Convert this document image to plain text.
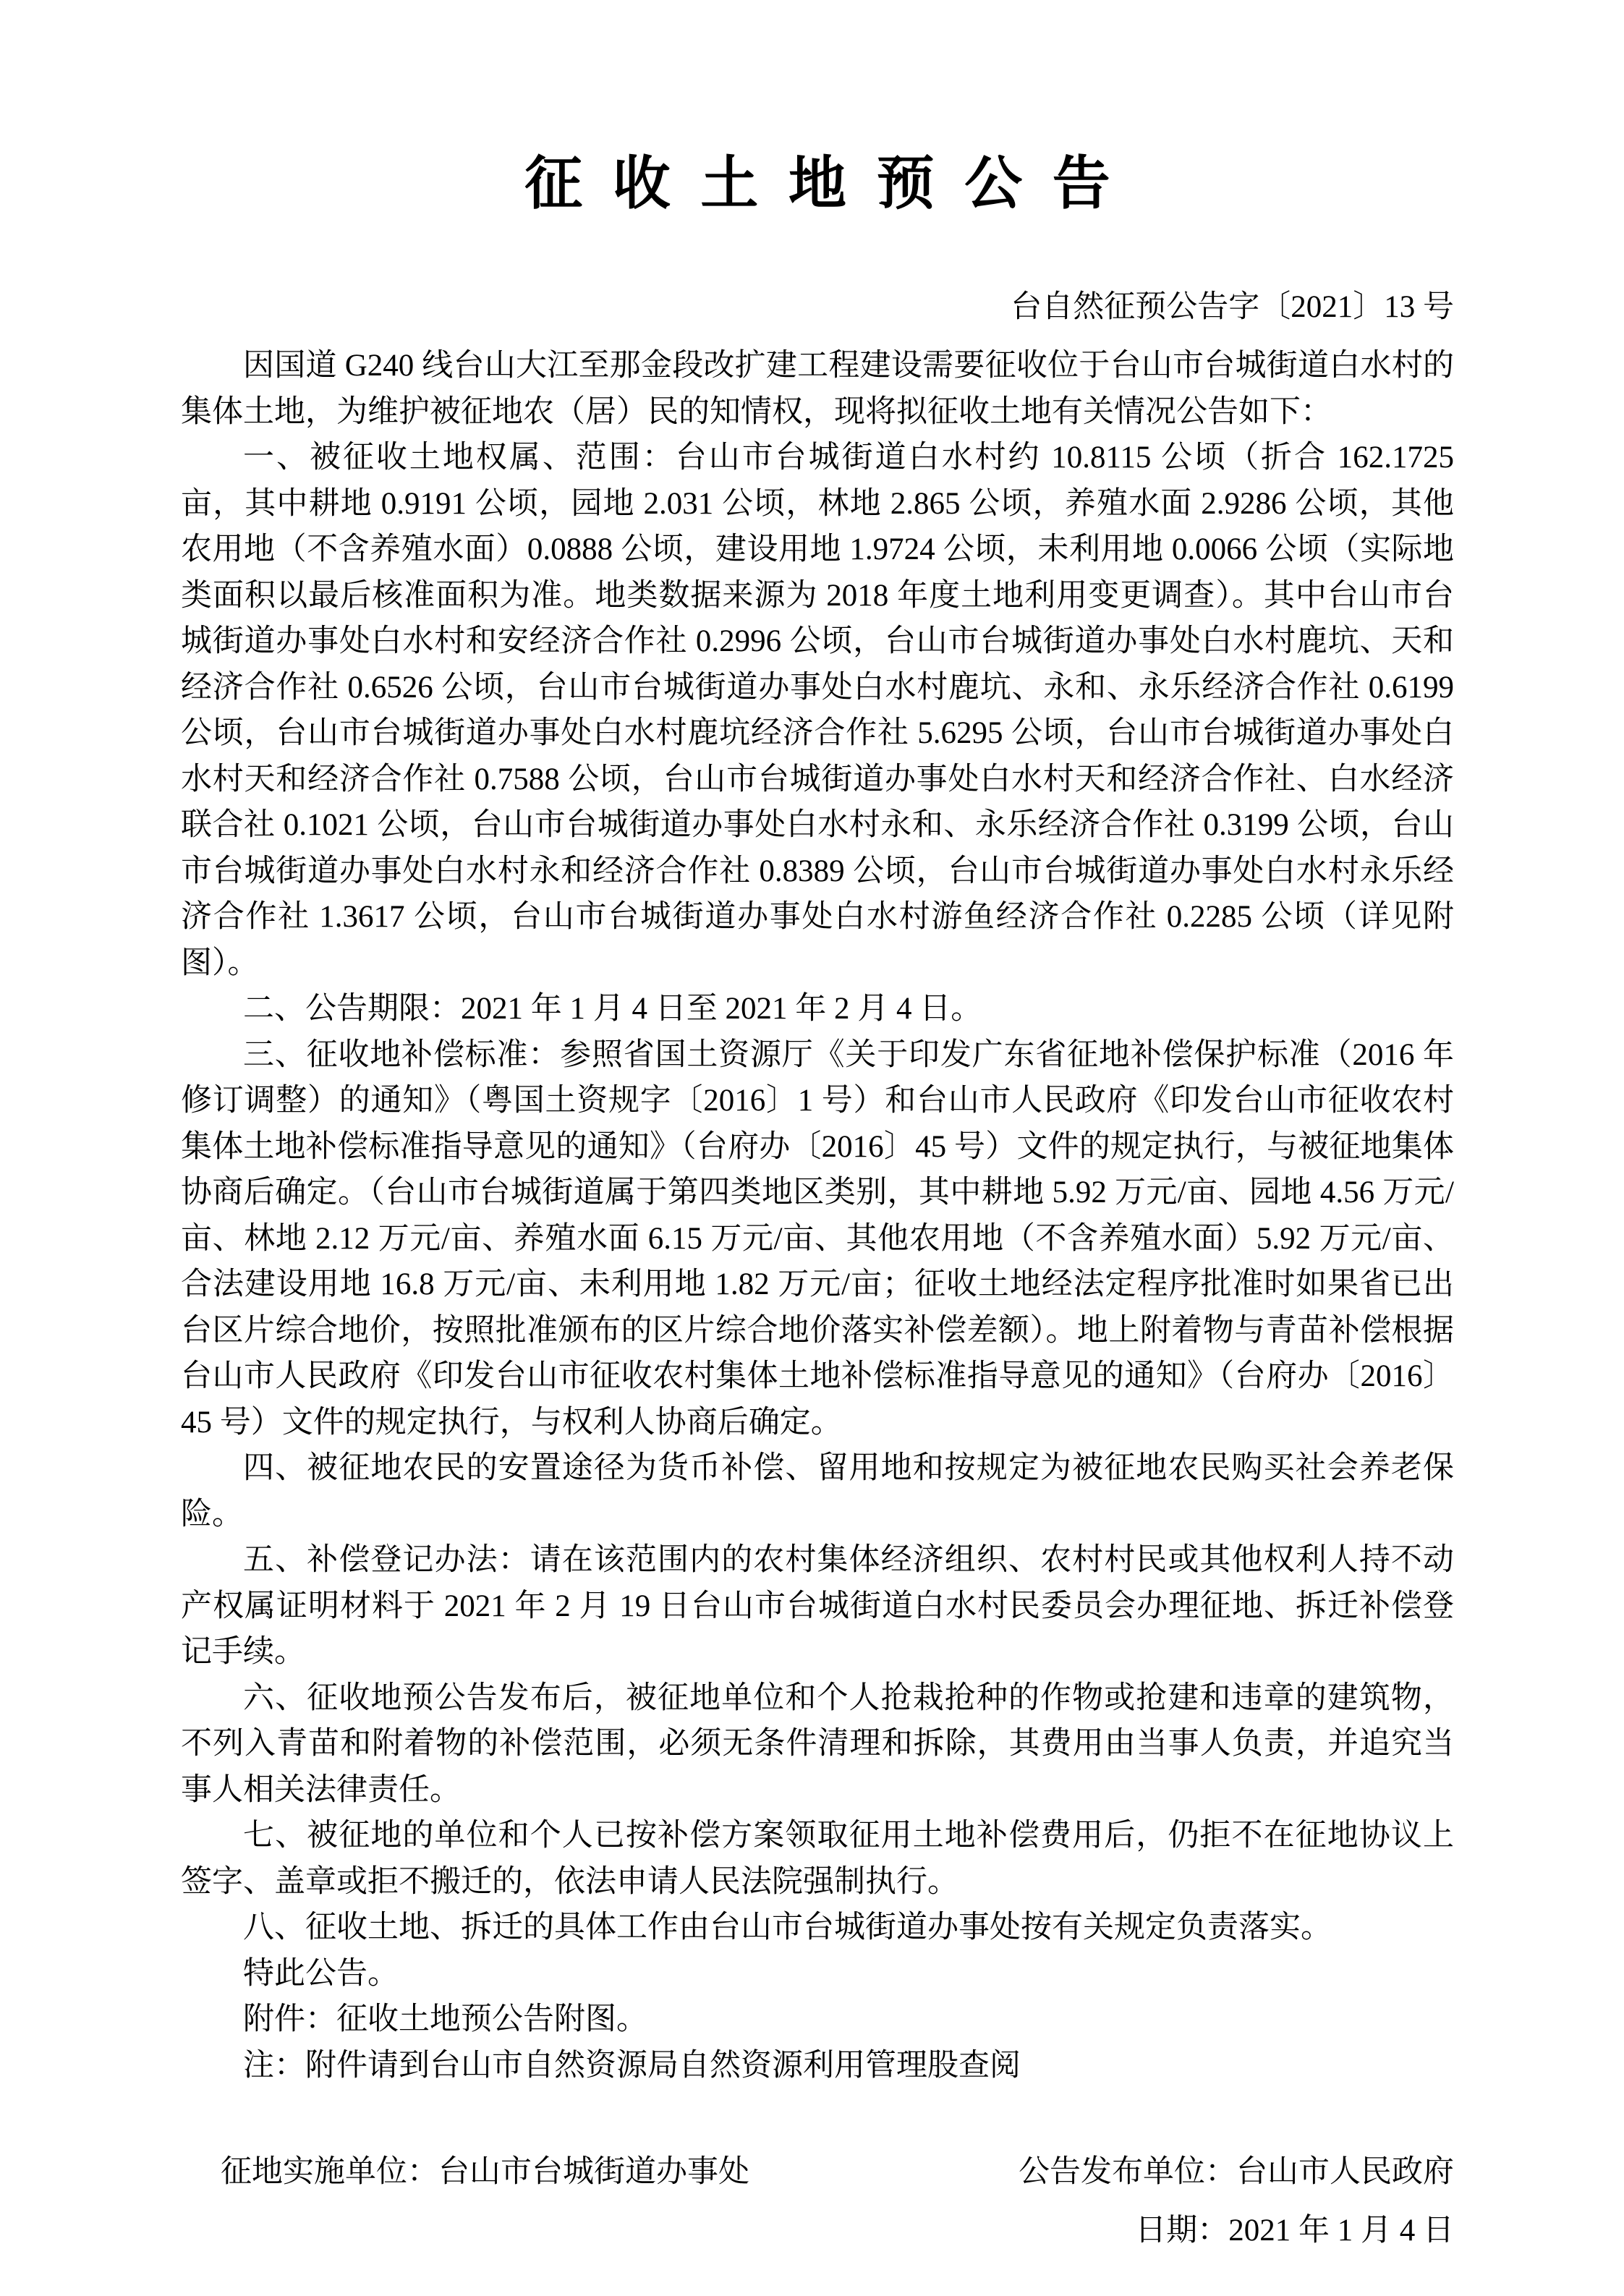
征收土地预公告
台自然征预公告字〔2021〕13 号

因国道 G240 线台山大江至那金段改扩建工程建设需要征收位于台山市台城街道白水村的集体土地，为维护被征地农（居）民的知情权，现将拟征收土地有关情况公告如下：

一、被征收土地权属、范围：台山市台城街道白水村约 10.8115 公顷（折合 162.1725 亩，其中耕地 0.9191 公顷，园地 2.031 公顷，林地 2.865 公顷，养殖水面 2.9286 公顷，其他农用地（不含养殖水面）0.0888 公顷，建设用地 1.9724 公顷，未利用地 0.0066 公顷（实际地类面积以最后核准面积为准。地类数据来源为 2018 年度土地利用变更调查）。其中台山市台城街道办事处白水村和安经济合作社 0.2996 公顷，台山市台城街道办事处白水村鹿坑、天和经济合作社 0.6526 公顷，台山市台城街道办事处白水村鹿坑、永和、永乐经济合作社 0.6199 公顷，台山市台城街道办事处白水村鹿坑经济合作社 5.6295 公顷，台山市台城街道办事处白水村天和经济合作社 0.7588 公顷，台山市台城街道办事处白水村天和经济合作社、白水经济联合社 0.1021 公顷，台山市台城街道办事处白水村永和、永乐经济合作社 0.3199 公顷，台山市台城街道办事处白水村永和经济合作社 0.8389 公顷，台山市台城街道办事处白水村永乐经济合作社 1.3617 公顷，台山市台城街道办事处白水村游鱼经济合作社 0.2285 公顷（详见附图）。

二、公告期限：2021 年 1 月 4 日至 2021 年 2 月 4 日。

三、征收地补偿标准：参照省国土资源厅《关于印发广东省征地补偿保护标准（2016 年修订调整）的通知》（粤国土资规字〔2016〕1 号）和台山市人民政府《印发台山市征收农村集体土地补偿标准指导意见的通知》（台府办〔2016〕45 号）文件的规定执行，与被征地集体协商后确定。（台山市台城街道属于第四类地区类别，其中耕地 5.92 万元/亩、园地 4.56 万元/亩、林地 2.12 万元/亩、养殖水面 6.15 万元/亩、其他农用地（不含养殖水面）5.92 万元/亩、合法建设用地 16.8 万元/亩、未利用地 1.82 万元/亩；征收土地经法定程序批准时如果省已出台区片综合地价，按照批准颁布的区片综合地价落实补偿差额）。地上附着物与青苗补偿根据台山市人民政府《印发台山市征收农村集体土地补偿标准指导意见的通知》（台府办〔2016〕45 号）文件的规定执行，与权利人协商后确定。

四、被征地农民的安置途径为货币补偿、留用地和按规定为被征地农民购买社会养老保险。

五、补偿登记办法：请在该范围内的农村集体经济组织、农村村民或其他权利人持不动产权属证明材料于 2021 年 2 月 19 日台山市台城街道白水村民委员会办理征地、拆迁补偿登记手续。

六、征收地预公告发布后，被征地单位和个人抢栽抢种的作物或抢建和违章的建筑物，不列入青苗和附着物的补偿范围，必须无条件清理和拆除，其费用由当事人负责，并追究当事人相关法律责任。

七、被征地的单位和个人已按补偿方案领取征用土地补偿费用后，仍拒不在征地协议上签字、盖章或拒不搬迁的，依法申请人民法院强制执行。

八、征收土地、拆迁的具体工作由台山市台城街道办事处按有关规定负责落实。

特此公告。

附件：征收土地预公告附图。

注：附件请到台山市自然资源局自然资源利用管理股查阅

征地实施单位：台山市台城街道办事处	公告发布单位：台山市人民政府
日期：2021 年 1 月 4 日
